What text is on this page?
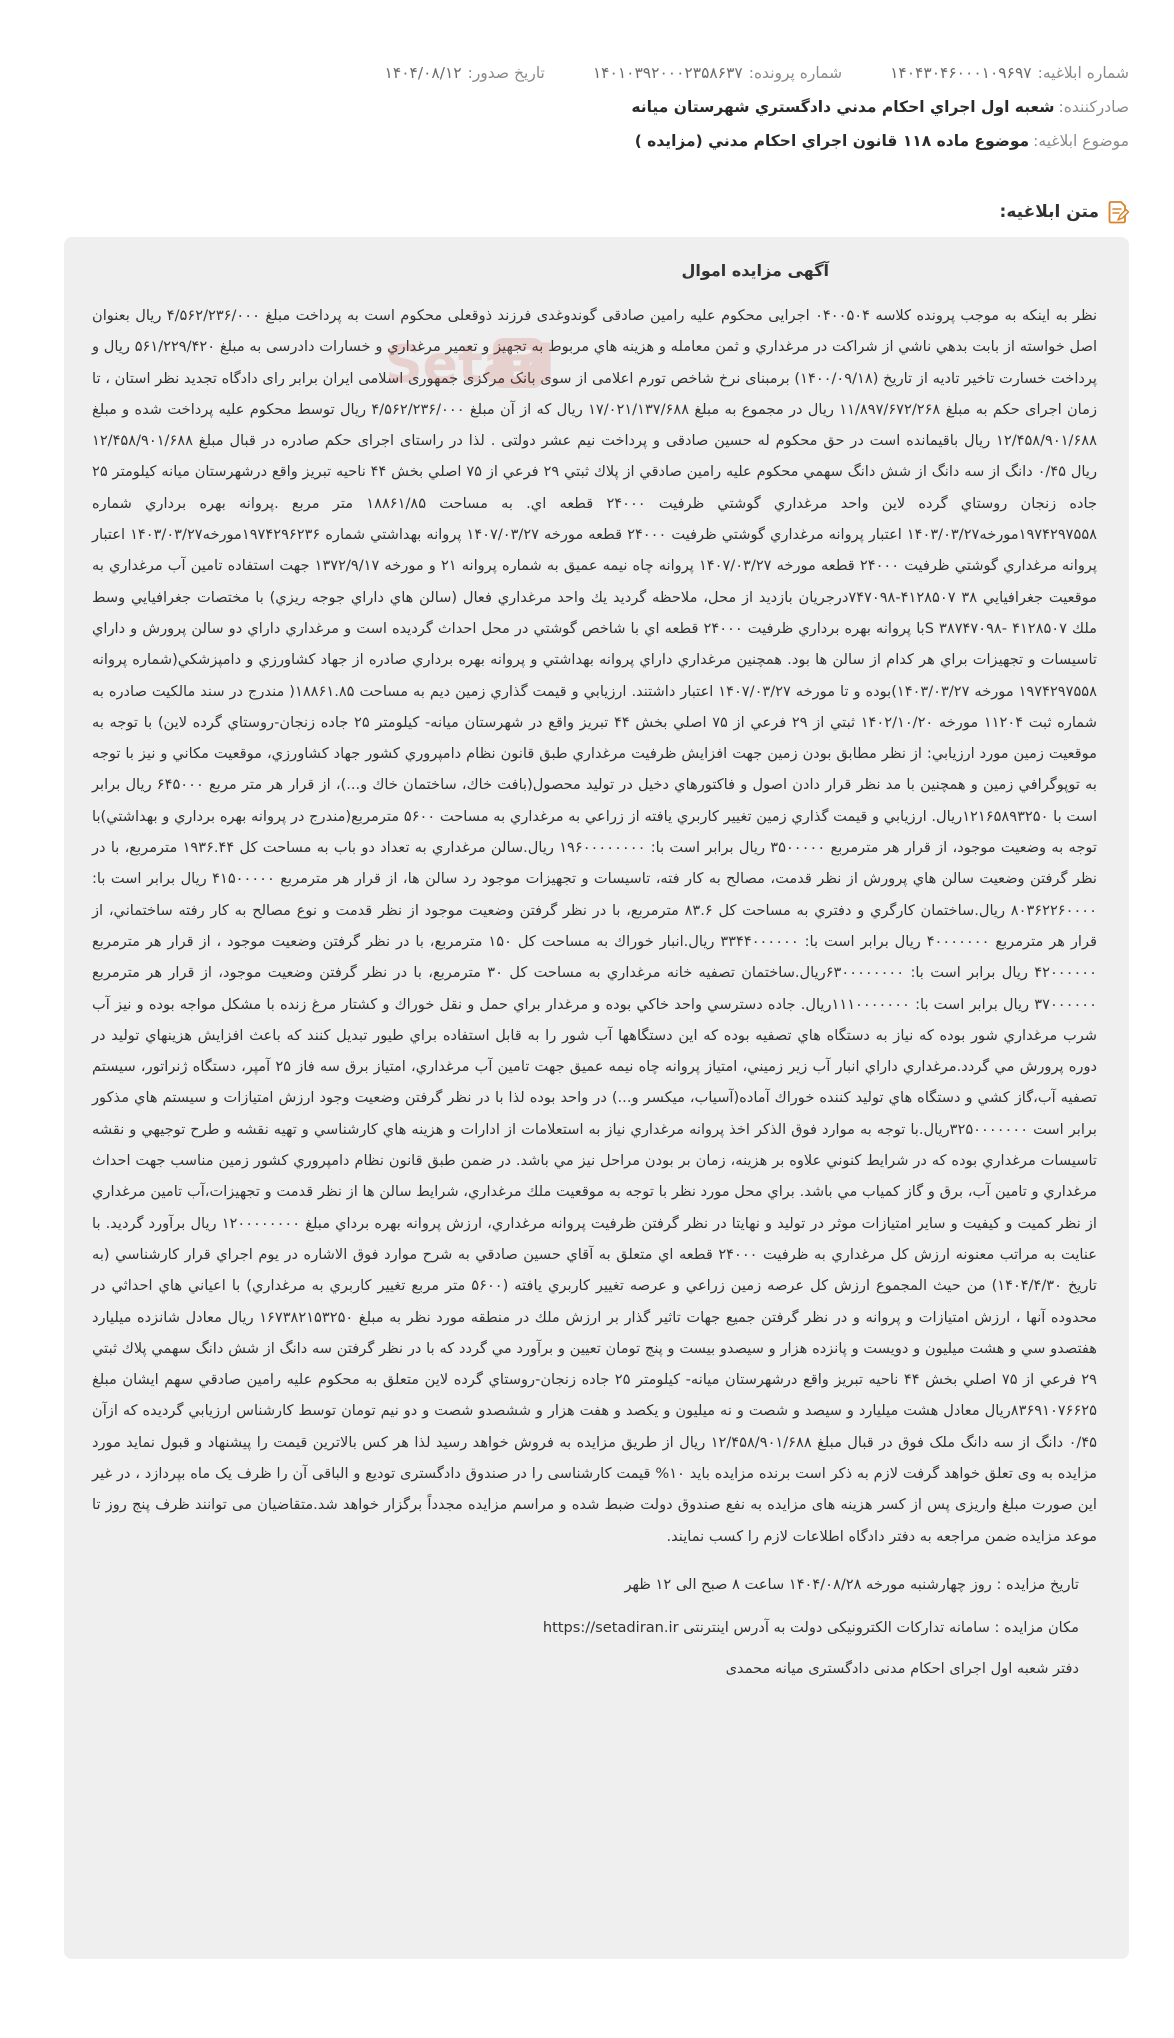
شماره ابلاغیه:
۱۴۰۴۳۰۴۶۰۰۰۱۰۹۶۹۷
شماره پرونده:
۱۴۰۱۰۳۹۲۰۰۰۲۳۵۸۶۳۷
تاریخ صدور:
۱۴۰۴/۰۸/۱۲
صادرکننده:
شعبه اول اجراي احكام مدني دادگستري شهرستان ميانه
موضوع ابلاغیه:
موضوع ماده ۱۱۸ قانون اجراي احكام مدني (مزايده )
متن ابلاغیه:
آگهی مزایده اموال

نظر به اینکه به موجب پرونده کلاسه ۰۴۰۰۵۰۴ اجرایی محکوم علیه رامین صادقی گوندوغدی فرزند ذوقعلی محکوم است به پرداخت مبلغ ۴/۵۶۲/۲۳۶/۰۰۰ ریال بعنوان اصل خواسته از بابت بدهي ناشي از شراکت در مرغداري و ثمن معامله و هزينه هاي مربوط به تجهيز و تعمير مرغداري و خسارات دادرسی به مبلغ ۵۶۱/۲۲۹/۴۲۰ ریال و پرداخت خسارت تاخیر تادیه از تاریخ (۱۴۰۰/۰۹/۱۸) برمبنای نرخ شاخص تورم اعلامی از سوی بانک مرکزی جمهوری اسلامی ایران برابر رای دادگاه تجدید نظر استان ، تا زمان اجرای حکم به مبلغ ۱۱/۸۹۷/۶۷۲/۲۶۸ ریال در مجموع به مبلغ ۱۷/۰۲۱/۱۳۷/۶۸۸ ریال که از آن مبلغ ۴/۵۶۲/۲۳۶/۰۰۰ ریال توسط محکوم علیه پرداخت شده و مبلغ ۱۲/۴۵۸/۹۰۱/۶۸۸ ریال باقیمانده است در حق محکوم له حسین صادقی و پرداخت نیم عشر دولتی . لذا در راستای اجرای حکم صادره در قبال مبلغ ۱۲/۴۵۸/۹۰۱/۶۸۸ ريال ۰/۴۵ دانگ از سه دانگ از شش دانگ سهمي محكوم عليه رامين صادقي از پلاك ثبتي ۲۹ فرعي از ۷۵ اصلي بخش ۴۴ ناحيه تبريز واقع درشهرستان ميانه كيلومتر ۲۵ جاده زنجان روستاي گرده لاين واحد مرغداري گوشتي ظرفيت ۲۴۰۰۰ قطعه اي. به مساحت ۱۸۸۶۱/۸۵ متر مربع .پروانه بهره برداري شماره ۱۹۷۴۲۹۷۵۵۸مورخه۱۴۰۳/۰۳/۲۷ اعتبار پروانه مرغداري گوشتي ظرفيت ۲۴۰۰۰ قطعه مورخه ۱۴۰۷/۰۳/۲۷ پروانه بهداشتي شماره ۱۹۷۴۲۹۶۲۳۶مورخه۱۴۰۳/۰۳/۲۷ اعتبار پروانه مرغداري گوشتي ظرفيت ۲۴۰۰۰ قطعه مورخه ۱۴۰۷/۰۳/۲۷ پروانه چاه نيمه عميق به شماره پروانه ۲۱ و مورخه ۱۳۷۲/۹/۱۷ جهت استفاده تامين آب مرغداري به موقعيت جغرافيايي ۳۸ ۴۱۲۸۵۰۷-۷۴۷۰۹۸درجريان بازديد از محل، ملاحظه گرديد يك واحد مرغداري فعال (سالن هاي داراي جوجه ريزي) با مختصات جغرافيايي وسط ملك ۴۱۲۸۵۰۷ -۳۸۷۴۷۰۹۸ Sبا پروانه بهره برداري ظرفيت ۲۴۰۰۰ قطعه اي با شاخص گوشتي در محل احداث گرديده است و مرغداري داراي دو سالن پرورش و داراي تاسيسات و تجهيزات براي هر كدام از سالن ها بود. همچنين مرغداري داراي پروانه بهداشتي و پروانه بهره برداري صادره از جهاد كشاورزي و دامپزشكي(شماره پروانه ۱۹۷۴۲۹۷۵۵۸ مورخه ۱۴۰۳/۰۳/۲۷)بوده و تا مورخه ۱۴۰۷/۰۳/۲۷ اعتبار داشتند. ارزيابي و قيمت گذاري زمين ديم به مساحت ۱۸۸۶۱.۸۵( مندرج در سند مالكيت صادره به شماره ثبت ۱۱۲۰۴ مورخه ۱۴۰۲/۱۰/۲۰ ثبتي از ۲۹ فرعي از ۷۵ اصلي بخش ۴۴ تبريز واقع در شهرستان ميانه- كيلومتر ۲۵ جاده زنجان-روستاي گرده لاين) با توجه به موقعيت زمين مورد ارزيابي: از نظر مطابق بودن زمين جهت افزايش ظرفيت مرغداري طبق قانون نظام دامپروري كشور جهاد كشاورزي، موقعيت مكاني و نيز با توجه به توپوگرافي زمين و همچنين با مد نظر قرار دادن اصول و فاكتورهاي دخيل در توليد محصول(بافت خاك، ساختمان خاك و...)، از قرار هر متر مربع ۶۴۵۰۰۰ ريال برابر است با ۱۲۱۶۵۸۹۳۲۵۰ريال. ارزيابي و قيمت گذاري زمين تغيير كاربري يافته از زراعي به مرغداري به مساحت ۵۶۰۰ مترمربع(مندرج در پروانه بهره برداري و بهداشتي)با توجه به وضعيت موجود، از قرار هر مترمربع ۳۵۰۰۰۰۰ ريال برابر است با: ۱۹۶۰۰۰۰۰۰۰۰ ريال.سالن مرغداري به تعداد دو باب به مساحت كل ۱۹۳۶.۴۴ مترمربع، با در نظر گرفتن وضعيت سالن هاي پرورش از نظر قدمت، مصالح به كار فته، تاسيسات و تجهيزات موجود رد سالن ها، از قرار هر مترمربع ۴۱۵۰۰۰۰۰ ريال برابر است با: ۸۰۳۶۲۲۶۰۰۰۰ ريال.ساختمان كارگري و دفتري به مساحت كل ۸۳.۶ مترمربع، با در نظر گرفتن وضعيت موجود از نظر قدمت و نوع مصالح به كار رفته ساختماني، از قرار هر مترمربع ۴۰۰۰۰۰۰۰ ريال برابر است با: ۳۳۴۴۰۰۰۰۰۰ ريال.انبار خوراك به مساحت كل ۱۵۰ مترمربع، با در نظر گرفتن وضعيت موجود ، از قرار هر مترمربع ۴۲۰۰۰۰۰۰ ريال برابر است با: ۶۳۰۰۰۰۰۰۰۰ريال.ساختمان تصفيه خانه مرغداري به مساحت كل ۳۰ مترمربع، با در نظر گرفتن وضعيت موجود، از قرار هر مترمربع ۳۷۰۰۰۰۰۰ ريال برابر است با: ۱۱۱۰۰۰۰۰۰۰ريال. جاده دسترسي واحد خاكي بوده و مرغدار براي حمل و نقل خوراك و كشتار مرغ زنده با مشكل مواجه بوده و نيز آب شرب مرغداري شور بوده كه نياز به دستگاه هاي تصفيه بوده كه اين دستگاهها آب شور را به قابل استفاده براي طيور تبديل كنند كه باعث افزايش هزينهاي توليد در دوره پرورش مي گردد.مرغداري داراي انبار آب زير زميني، امتياز پروانه چاه نيمه عميق جهت تامين آب مرغداري، امتياز برق سه فاز ۲۵ آمپر، دستگاه ژنراتور، سيستم تصفيه آب،گاز كشي و دستگاه هاي توليد كننده خوراك آماده(آسياب، ميكسر و...) در واحد بوده لذا با در نظر گرفتن وضعيت وجود ارزش امتيازات و سيستم هاي مذكور برابر است ۳۲۵۰۰۰۰۰۰۰ريال.با توجه به موارد فوق الذكر اخذ پروانه مرغداري نياز به استعلامات از ادارات و هزينه هاي كارشناسي و تهيه نقشه و طرح توجيهي و نقشه تاسيسات مرغداري بوده كه در شرايط كنوني علاوه بر هزينه، زمان بر بودن مراحل نيز مي باشد. در ضمن طبق قانون نظام دامپروري كشور زمين مناسب جهت احداث مرغداري و تامين آب، برق و گاز كمياب مي باشد. براي محل مورد نظر با توجه به موقعيت ملك مرغداري، شرايط سالن ها از نظر قدمت و تجهيزات،آب تامين مرغداري از نظر كميت و كيفيت و ساير امتيازات موثر در توليد و نهايتا در نظر گرفتن ظرفيت پروانه مرغداري، ارزش پروانه بهره برداي مبلغ ۱۲۰۰۰۰۰۰۰۰ ريال برآورد گرديد. با عنايت به مراتب معنونه ارزش كل مرغداري به ظرفيت ۲۴۰۰۰ قطعه اي متعلق به آقاي حسين صادقي به شرح موارد فوق الاشاره در يوم اجراي قرار كارشناسي (به تاريخ ۱۴۰۴/۴/۳۰) من حيث المجموع ارزش كل عرصه زمين زراعي و عرصه تغيير كاربري يافته (۵۶۰۰ متر مربع تغيير كاربري به مرغداري) با اعياني هاي احداثي در محدوده آنها ، ارزش امتيازات و پروانه و در نظر گرفتن جميع جهات تاثير گذار بر ارزش ملك در منطقه مورد نظر به مبلغ ۱۶۷۳۸۲۱۵۳۲۵۰ ريال معادل شانزده ميليارد هفتصدو سي و هشت ميليون و دويست و پانزده هزار و سيصدو بيست و پنج تومان تعيين و برآورد مي گردد كه با در نظر گرفتن سه دانگ از شش دانگ سهمي پلاك ثبتي ۲۹ فرعي از ۷۵ اصلي بخش ۴۴ ناحيه تبريز واقع درشهرستان ميانه- كيلومتر ۲۵ جاده زنجان-روستاي گرده لاين متعلق به محكوم عليه رامين صادقي سهم ايشان مبلغ ۸۳۶۹۱۰۷۶۶۲۵ريال معادل هشت ميليارد و سيصد و شصت و نه ميليون و يكصد و هفت هزار و ششصدو شصت و دو نيم تومان توسط كارشناس ارزيابي گرديده كه ازآن ۰/۴۵ دانگ از سه دانگ ملک فوق در قبال مبلغ ۱۲/۴۵۸/۹۰۱/۶۸۸ ریال از طریق مزایده به فروش خواهد رسید لذا هر کس بالاترین قیمت را پیشنهاد و قبول نماید مورد مزایده به وی تعلق خواهد گرفت لازم به ذکر است برنده مزایده باید ۱۰% قیمت کارشناسی را در صندوق دادگستری تودیع و الباقی آن را ظرف یک ماه بپردازد ، در غیر این صورت مبلغ واریزی پس از کسر هزینه های مزایده به نفع صندوق دولت ضبط شده و مراسم مزایده مجدداً برگزار خواهد شد.متقاضیان می توانند ظرف پنج روز تا موعد مزایده ضمن مراجعه به دفتر دادگاه اطلاعات لازم را کسب نمایند.

تاریخ مزایده : روز چهارشنبه مورخه ۱۴۰۴/۰۸/۲۸ ساعت ۸ صبح الی ۱۲ ظهر
مکان مزایده : سامانه تدارکات الکترونیکی دولت به آدرس اینترنتی https://setadiran.ir
دفتر شعبه اول اجرای احکام مدنی دادگستری میانه محمدی
